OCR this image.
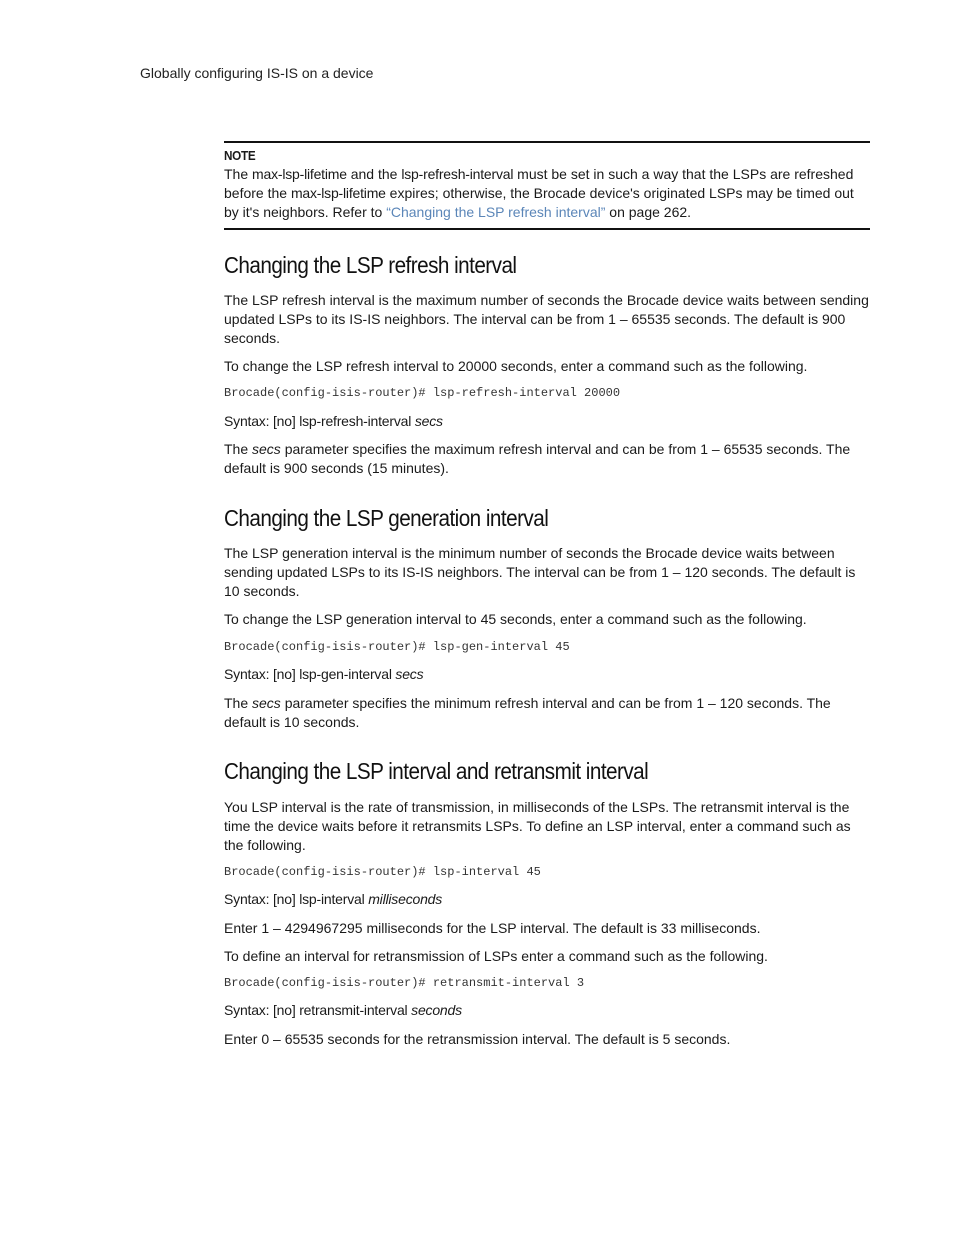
Globally configuring IS-IS on a device
NOTE
The max-lsp-lifetime and the lsp-refresh-interval must be set in such a way that the LSPs are refreshed before the max-lsp-lifetime expires; otherwise, the Brocade device's originated LSPs may be timed out by it's neighbors. Refer to “Changing the LSP refresh interval” on page 262.
Changing the LSP refresh interval

The LSP refresh interval is the maximum number of seconds the Brocade device waits between sending updated LSPs to its IS-IS neighbors. The interval can be from 1 – 65535 seconds. The default is 900 seconds.

To change the LSP refresh interval to 20000 seconds, enter a command such as the following.

Brocade(config-isis-router)# lsp-refresh-interval 20000
Syntax: [no] lsp-refresh-interval secs

The secs parameter specifies the maximum refresh interval and can be from 1 – 65535 seconds. The default is 900 seconds (15 minutes).

Changing the LSP generation interval

The LSP generation interval is the minimum number of seconds the Brocade device waits between sending updated LSPs to its IS-IS neighbors. The interval can be from 1 – 120 seconds. The default is 10 seconds.

To change the LSP generation interval to 45 seconds, enter a command such as the following.

Brocade(config-isis-router)# lsp-gen-interval 45
Syntax: [no] lsp-gen-interval secs

The secs parameter specifies the minimum refresh interval and can be from 1 – 120 seconds. The default is 10 seconds.

Changing the LSP interval and retransmit interval

You LSP interval is the rate of transmission, in milliseconds of the LSPs. The retransmit interval is the time the device waits before it retransmits LSPs. To define an LSP interval, enter a command such as the following.

Brocade(config-isis-router)# lsp-interval 45
Syntax: [no] lsp-interval milliseconds

Enter 1 – 4294967295 milliseconds for the LSP interval. The default is 33 milliseconds.

To define an interval for retransmission of LSPs enter a command such as the following.

Brocade(config-isis-router)# retransmit-interval 3
Syntax: [no] retransmit-interval seconds

Enter 0 – 65535 seconds for the retransmission interval. The default is 5 seconds.
